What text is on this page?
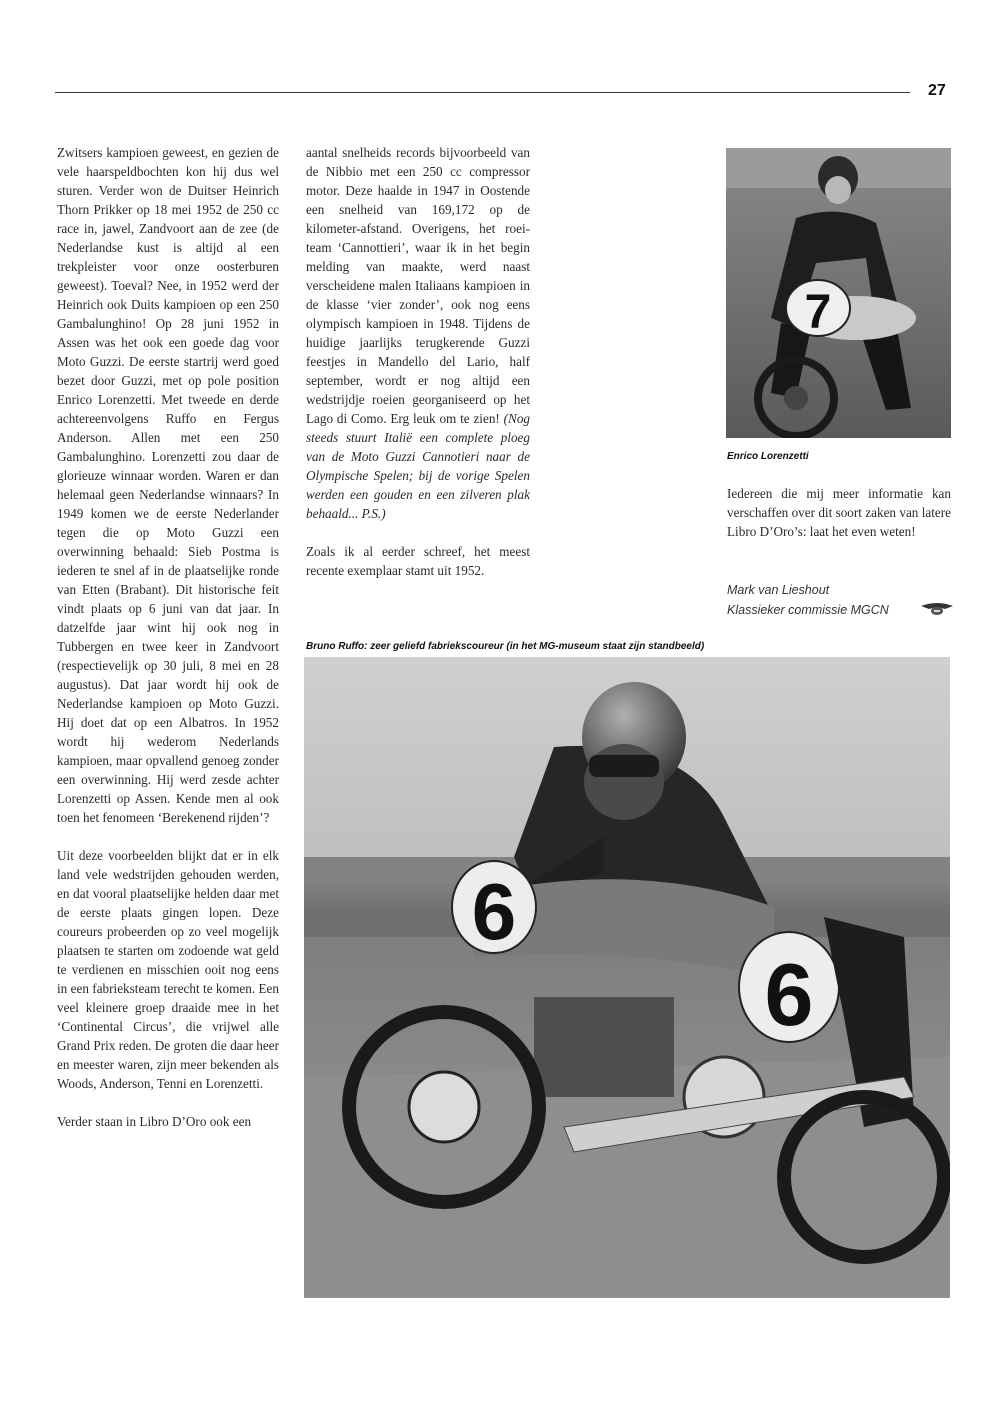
27

Zwitsers kampioen geweest, en gezien de vele haarspeldbochten kon hij dus wel sturen. Verder won de Duitser Heinrich Thorn Prikker op 18 mei 1952 de 250 cc race in, jawel, Zandvoort aan de zee (de Nederlandse kust is altijd al een trekpleister voor onze oosterburen geweest). Toeval? Nee, in 1952 werd der Heinrich ook Duits kampioen op een 250 Gambalunghino! Op 28 juni 1952 in Assen was het ook een goede dag voor Moto Guzzi. De eerste startrij werd goed bezet door Guzzi, met op pole position Enrico Lorenzetti. Met tweede en derde achtereenvolgens Ruffo en Fergus Anderson. Allen met een 250 Gambalunghino. Lorenzetti zou daar de glorieuze winnaar worden. Waren er dan helemaal geen Nederlandse winnaars? In 1949 komen we de eerste Nederlander tegen die op Moto Guzzi een overwinning behaald: Sieb Postma is iederen te snel af in de plaatselijke ronde van Etten (Brabant). Dit historische feit vindt plaats op 6 juni van dat jaar. In datzelfde jaar wint hij ook nog in Tubbergen en twee keer in Zandvoort (respectievelijk op 30 juli, 8 mei en 28 augustus). Dat jaar wordt hij ook de Nederlandse kampioen op Moto Guzzi. Hij doet dat op een Albatros. In 1952 wordt hij wederom Nederlands kampioen, maar opvallend genoeg zonder een overwinning. Hij werd zesde achter Lorenzetti op Assen. Kende men al ook toen het fenomeen ‘Berekenend rijden’?

Uit deze voorbeelden blijkt dat er in elk land vele wedstrijden gehouden werden, en dat vooral plaatselijke helden daar met de eerste plaats gingen lopen. Deze coureurs probeerden op zo veel mogelijk plaatsen te starten om zodoende wat geld te verdienen en misschien ooit nog eens in een fabrieksteam terecht te komen. Een veel kleinere groep draaide mee in het ‘Continental Circus’, die vrijwel alle Grand Prix reden. De groten die daar heer en meester waren, zijn meer bekenden als Woods, Anderson, Tenni en Lorenzetti.

Verder staan in Libro D’Oro ook een

aantal snelheids records bijvoorbeeld van de Nibbio met een 250 cc compressor motor. Deze haalde in 1947 in Oostende een snelheid van 169,172 op de kilometer-afstand. Overigens, het roei-team ‘Cannottieri’, waar ik in het begin melding van maakte, werd naast verscheidene malen Italiaans kampioen in de klasse ‘vier zonder’, ook nog eens olympisch kampioen in 1948. Tijdens de huidige jaarlijks terugkerende Guzzi feestjes in Mandello del Lario, half september, wordt er nog altijd een wedstrijdje roeien georganiseerd op het Lago di Como. Erg leuk om te zien! (Nog steeds stuurt Italië een complete ploeg van de Moto Guzzi Cannotieri naar de Olympische Spelen; bij de vorige Spelen werden een gouden en een zilveren plak behaald... P.S.)

Zoals ik al eerder schreef, het meest recente exemplaar stamt uit 1952.

7
Enrico Lorenzetti

Iedereen die mij meer informatie kan verschaffen over dit soort zaken van latere Libro D’Oro’s: laat het even weten!

Mark van Lieshout
Klassieker commissie MGCN
Bruno Ruffo: zeer geliefd fabriekscoureur (in het MG-museum staat zijn standbeeld)
6
6
